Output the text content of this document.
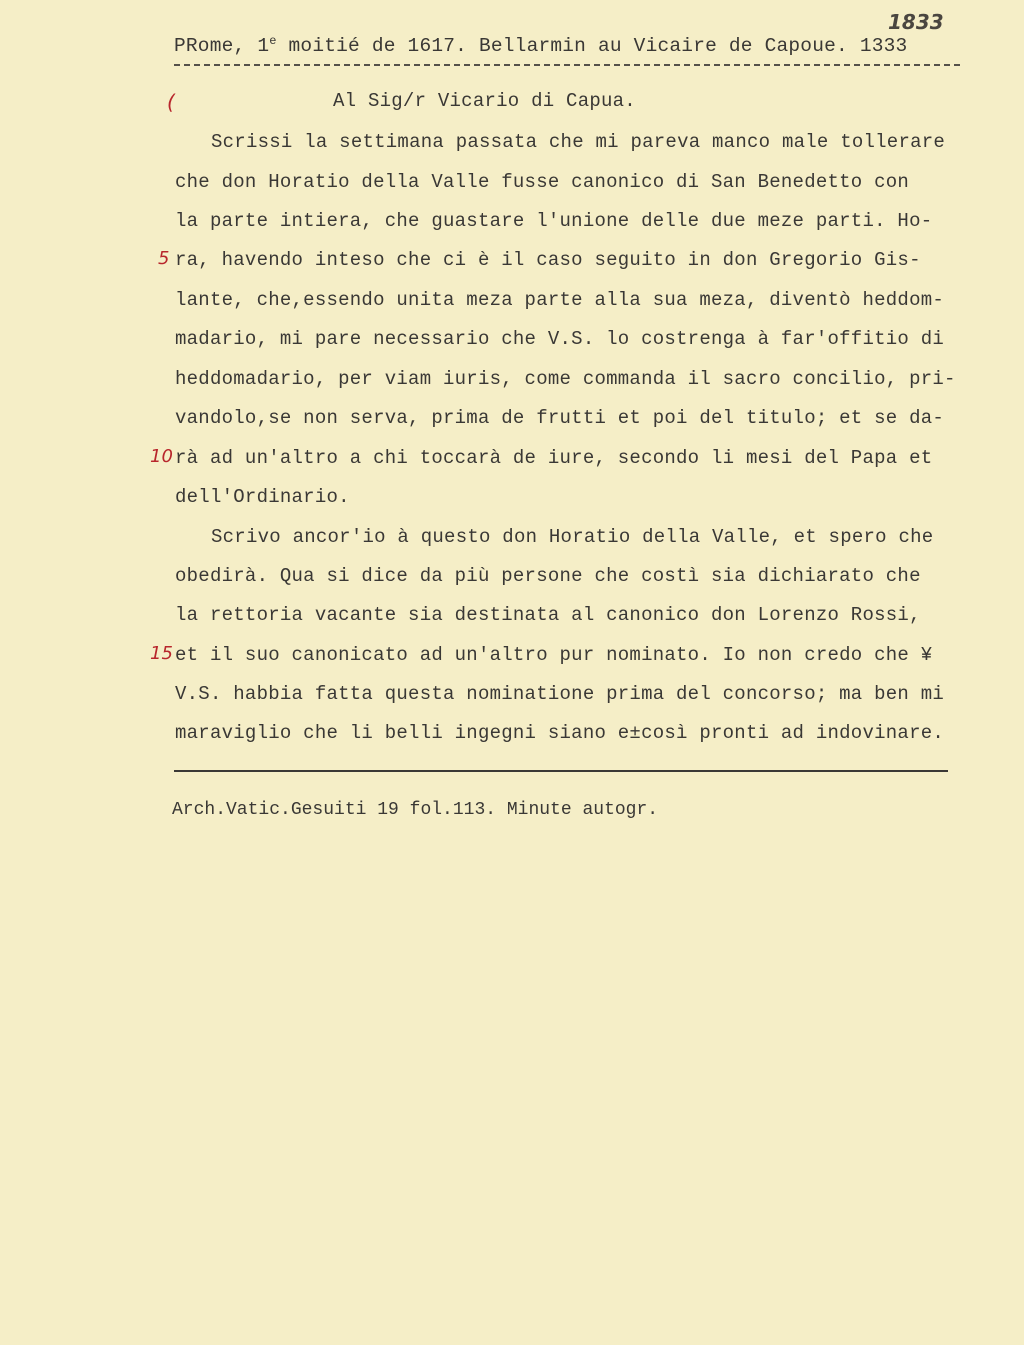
1833
PRome, 1e moitié de 1617. Bellarmin au Vicaire de Capoue. 1333
(	Al Sig/r Vicario di Capua.
Scrissi la settimana passata che mi pareva manco male tollerare
che don Horatio della Valle fusse canonico di San Benedetto con
la parte intiera, che guastare l'unione delle due meze parti. Ho-
5 ra, havendo inteso che ci è il caso seguito in don Gregorio Gis-
lante, che,essendo unita meza parte alla sua meza, diventò heddom-
madario, mi pare necessario che V.S. lo costrenga à far'offitio di
heddomadario, per viam iuris, come commanda il sacro concilio, pri-
vandolo,se non serva, prima de frutti et poi del titulo; et se da-
10 rà ad un'altro a chi toccarà de iure, secondo li mesi del Papa et
dell'Ordinario.
Scrivo ancor'io à questo don Horatio della Valle, et spero che
obedirà. Qua si dice da più persone che costì sia dichiarato che
la rettoria vacante sia destinata al canonico don Lorenzo Rossi,
15 et il suo canonicato ad un'altro pur nominato. Io non credo che ¥
V.S. habbia fatta questa nominatione prima del concorso; ma ben mi
maraviglio che li belli ingegni siano e±così pronti ad indovinare.
Arch.Vatic.Gesuiti 19 fol.113. Minute autogr.
